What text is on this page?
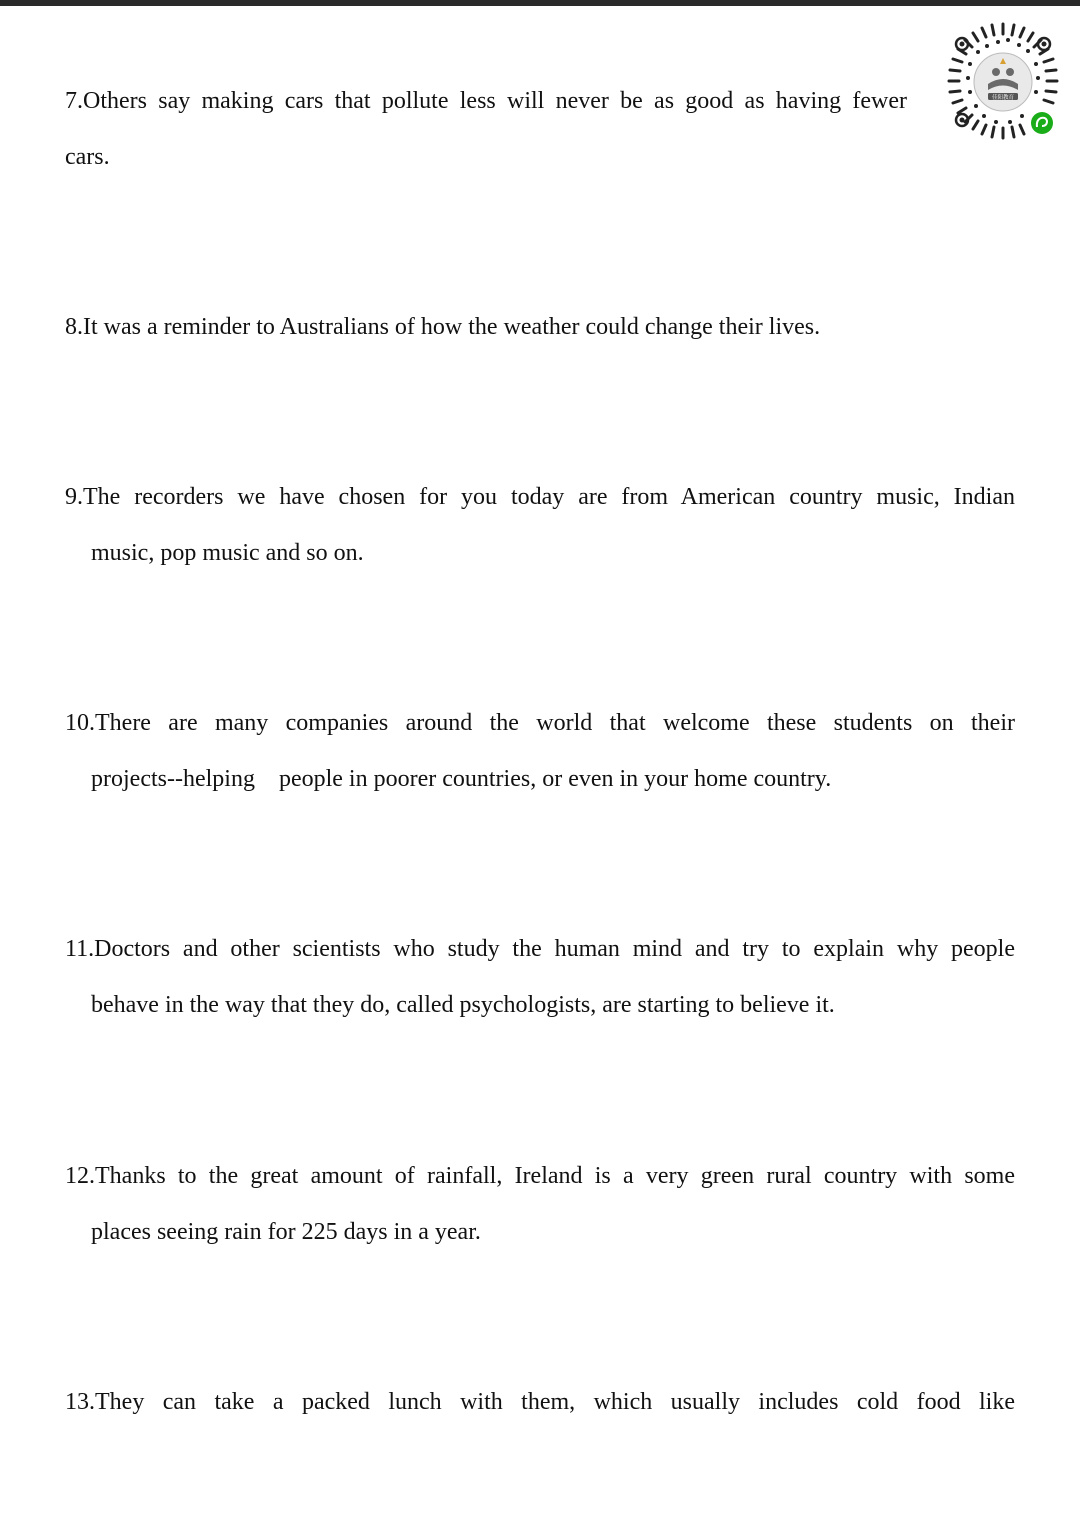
佳阳教育

7.Others say making cars that pollute less will never be as good as having fewer
cars.

8.It was a reminder to Australians of how the weather could change their lives.

9.The recorders we have chosen for you today are from American country music, Indian
music, pop music and so on.

10.There are many companies around the world that welcome these students on their
projects--helping    people in poorer countries, or even in your home country.

11.Doctors and other scientists who study the human mind and try to explain why people
behave in the way that they do, called psychologists, are starting to believe it.

12.Thanks to the great amount of rainfall, Ireland is a very green rural country with some
places seeing rain for 225 days in a year.

13.They can take a packed lunch with them, which usually includes cold food like
